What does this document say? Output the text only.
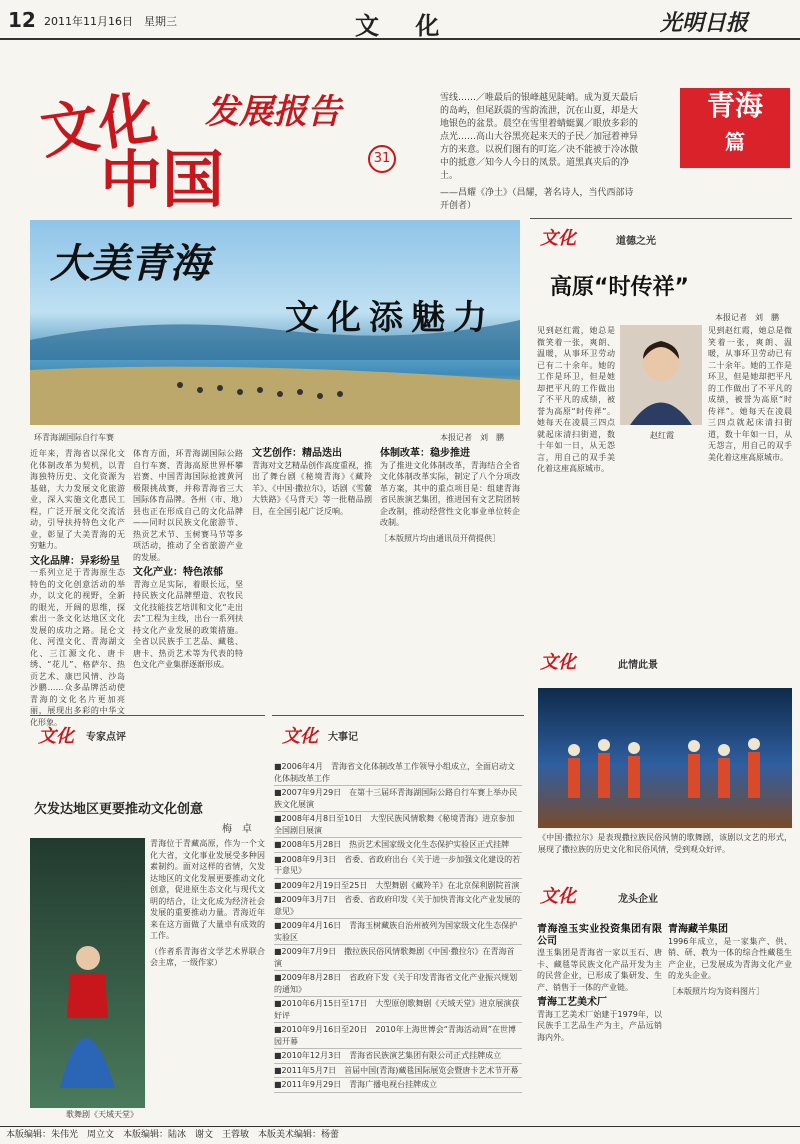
12 2011年11月16日　星期三	文 化	光明日报
文化
中国
发展报告
31
雪线……／唯最后的银峰越见陡峭。成为夏天最后的岛屿，但尾跃震的雪韵流泄，沉在山夏，却是大地银色的盆景。晨空在雪里着蜻蜓翼／眼放多彩的点光……高山大谷黑亮起来天的子民／加冠着神异方的来意。以祝们图有的叮迄／决不能被于冷冰傲中的抵意／知今人今日的凤景。道黑真夹后的净土。
——昌耀《净土》（昌耀，著名诗人，当代西部诗开创者）
青海
篇
大美青海
文化添魅力
环青海湖国际自行车赛	本报记者　刘　鹏
近年来，青海省以深化文化体制改革为契机，以青海独特历史、文化资源为基础，大力发展文化旅游业，深入实施文化惠民工程，广泛开展文化交流活动，引导扶持特色文化产业，彰显了大美青海的无穷魅力。
文化品牌：异彩纷呈
一系列立足于青海原生态特色的文化创意活动的举办，以文化的视野，全新的眼光，开阔的思维，探索出一条文化达地区文化发展的成功之路。昆仑文化、河湟文化、青海湖文化、三江源文化、唐卡绣、“花儿”、格萨尔、热贡艺术、康巴风情、沙岛沙鹏……众多品牌活动使青海的文化名片更加亮丽，展现出多彩的中华文化形象。
体育方面，环青海湖国际公路自行车赛、青海高原世界杯攀岩赛、中国青海国际抢渡黄河极限挑战赛，并称青海省三大国际体育品牌。各州（市、地）县也正在形成自己的文化品牌——同时以民族文化旅游节、热贡艺术节、玉树赛马节等多项活动，推动了全省旅游产业的发展。
文化产业：特色浓郁
青海立足实际，着眼长远，坚持民族文化品牌塑造、农牧民文化技能技艺培训和文化“走出去”工程为主线，出台一系列扶持文化产业发展的政策措施。全省以民族手工艺品、藏毯、唐卡、热贡艺术等为代表的特色文化产业集群逐渐形成。
文艺创作：精品迭出
青海对文艺精品创作高度重视，推出了舞台剧《秘境青海》《藏羚羊》、《中国·撒拉尔》，话剧《雪麓大铁路》《马背天》等一批精品剧目，在全国引起广泛反响。
体制改革：稳步推进
为了推进文化体制改革，青海结合全省文化体制改革实际，制定了八个分项改革方案，其中的重点项目是：组建青海省民族演艺集团，推进国有文艺院团转企改制，推动经营性文化事业单位转企改制。
［本版照片均由通讯员开荷提供］
文化	道德之光
高原“时传祥”
本报记者　刘　鹏
赵红霞
见到赵红霞，她总是微笑着一张，爽朗、温暖，从事环卫劳动已有二十余年。她的工作是环卫，但是她却把平凡的工作做出了不平凡的成绩，被誉为高原“时传祥”。她每天在凌晨三四点就起床清扫街道，数十年如一日，从无怨言，用自己的双手美化着这座高原城市。
见到赵红霞，她总是微笑着一张，爽朗、温暖，从事环卫劳动已有二十余年。她的工作是环卫，但是她却把平凡的工作做出了不平凡的成绩，被誉为高原“时传祥”。她每天在凌晨三四点就起床清扫街道，数十年如一日，从无怨言，用自己的双手美化着这座高原城市。
文化 专家点评
欠发达地区更要推动文化创意
梅　卓
青海位于青藏高原，作为一个文化大省，文化事业发展受多种因素制约。面对这样的省情，欠发达地区的文化发展更要推动文化创意，促进原生态文化与现代文明的结合，让文化成为经济社会发展的重要推动力量。青海近年来在这方面做了大量卓有成效的工作。
（作者系青海省文学艺术界联合会主席，一级作家）
歌舞剧《天域天堂》
文化 大事记
■2006年4月　青海省文化体制改革工作领导小组成立，全面启动文化体制改革工作
■2007年9月29日　在第十三届环青海湖国际公路自行车赛上举办民族文化展演
■2008年4月8日至10日　大型民族风情歌舞《秘境青海》进京参加全国剧目展演
■2008年5月28日　热贡艺术国家级文化生态保护实验区正式挂牌
■2008年9月3日　省委、省政府出台《关于进一步加强文化建设的若干意见》
■2009年2月19日至25日　大型舞剧《藏羚羊》在北京保利剧院首演
■2009年3月7日　省委、省政府印发《关于加快青海文化产业发展的意见》
■2009年4月16日　青海玉树藏族自治州被列为国家级文化生态保护实验区
■2009年7月9日　撒拉族民俗风情歌舞剧《中国·撒拉尔》在青海首演
■2009年8月28日　省政府下发《关于印发青海省文化产业振兴规划的通知》
■2010年6月15日至17日　大型原创歌舞剧《天域天堂》进京展演获好评
■2010年9月16日至20日　2010年上海世博会“青海活动周”在世博园开幕
■2010年12月3日　青海省民族演艺集团有限公司正式挂牌成立
■2011年5月7日　首届中国(青海)藏毯国际展览会暨唐卡艺术节开幕
■2011年9月29日　青海广播电视台挂牌成立
文化	此情此景
《中国·撒拉尔》是表现撒拉族民俗风情的歌舞剧，该剧以文艺的形式，展现了撒拉族的历史文化和民俗风情，受到观众好评。
文化	龙头企业
青海湟玉实业投资集团有限公司
湟玉集团是青海省一家以玉石、唐卡、藏毯等民族文化产品开发为主的民营企业，已形成了集研发、生产、销售于一体的产业链。
青海工艺美术厂
青海工艺美术厂始建于1979年，以民族手工艺品生产为主，产品远销海内外。
青海藏羊集团
1996年成立，是一家集产、供、销、研、教为一体的综合性藏毯生产企业，已发展成为青海文化产业的龙头企业。
［本版照片均为资料图片］
本版编辑：朱伟光　周立文　本版编辑：陆冰　谢文　王蓉敏　本版美术编辑：杨蕾
